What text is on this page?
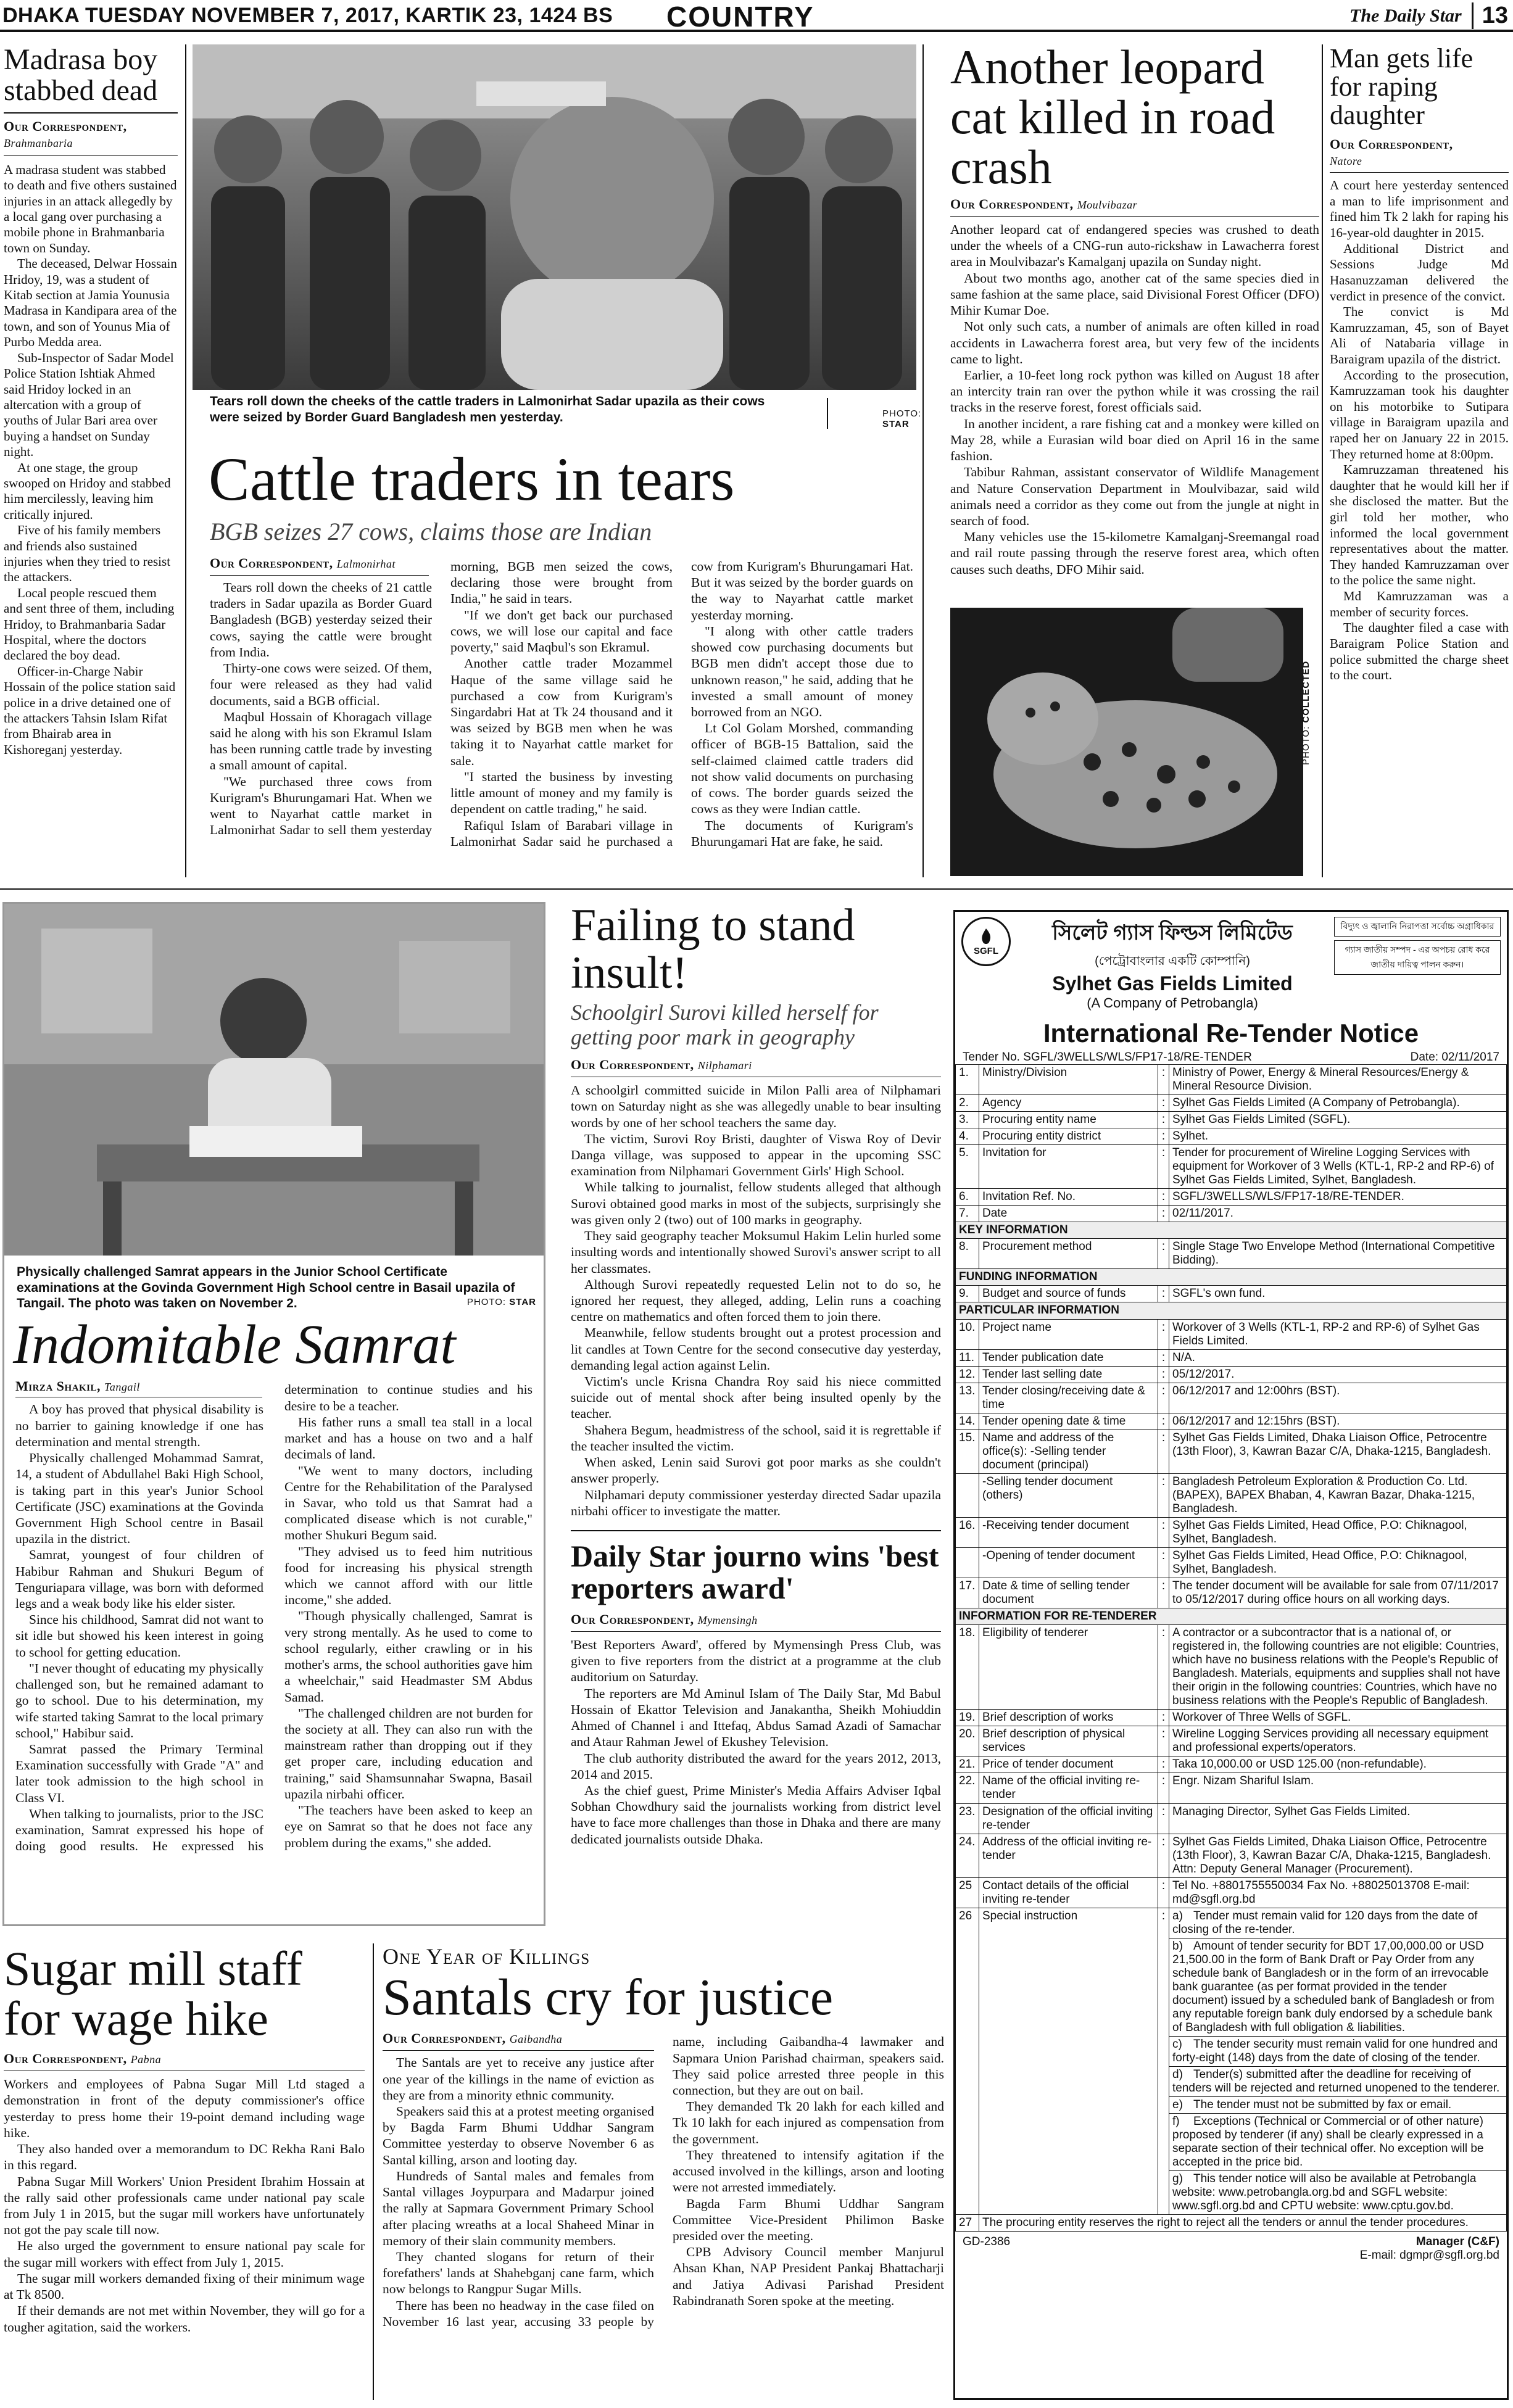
DHAKA TUESDAY NOVEMBER 7, 2017, KARTIK 23, 1424 BS COUNTRY	The Daily Star 13
Madrasa boy stabbed dead
Our Correspondent,
Brahmanbaria

A madrasa student was stabbed to death and five others sustained injuries in an attack allegedly by a local gang over purchasing a mobile phone in Brahmanbaria town on Sunday.

The deceased, Delwar Hossain Hridoy, 19, was a student of Kitab section at Jamia Younusia Madrasa in Kandipara area of the town, and son of Younus Mia of Purbo Medda area.

Sub-Inspector of Sadar Model Police Station Ishtiak Ahmed said Hridoy locked in an altercation with a group of youths of Jular Bari area over buying a handset on Sunday night.

At one stage, the group swooped on Hridoy and stabbed him mercilessly, leaving him critically injured.

Five of his family members and friends also sustained injuries when they tried to resist the attackers.

Local people rescued them and sent three of them, including Hridoy, to Brahmanbaria Sadar Hospital, where the doctors declared the boy dead.

Officer-in-Charge Nabir Hossain of the police station said police in a drive detained one of the attackers Tahsin Islam Rifat from Bhairab area in Kishoreganj yesterday.

Tears roll down the cheeks of the cattle traders in Lalmonirhat Sadar upazila as their cows were seized by Border Guard Bangladesh men yesterday.	PHOTO:
STAR
Cattle traders in tears
BGB seizes 27 cows, claims those are Indian
Our Correspondent, Lalmonirhat

Tears roll down the cheeks of 21 cattle traders in Sadar upazila as Border Guard Bangladesh (BGB) yesterday seized their cows, saying the cattle were brought from India.

Thirty-one cows were seized. Of them, four were released as they had valid documents, said a BGB official.

Maqbul Hossain of Khoragach village said he along with his son Ekramul Islam has been running cattle trade by investing a small amount of capital.

"We purchased three cows from Kurigram's Bhurungamari Hat. When we went to Nayarhat cattle market in Lalmonirhat Sadar to sell them yesterday morning, BGB men seized the cows, declaring those were brought from India," he said in tears.

"If we don't get back our purchased cows, we will lose our capital and face poverty," said Maqbul's son Ekramul.

Another cattle trader Mozammel Haque of the same village said he purchased a cow from Kurigram's Singardabri Hat at Tk 24 thousand and it was seized by BGB men when he was taking it to Nayarhat cattle market for sale.

"I started the business by investing little amount of money and my family is dependent on cattle trading," he said.

Rafiqul Islam of Barabari village in Lalmonirhat Sadar said he purchased a cow from Kurigram's Bhurungamari Hat. But it was seized by the border guards on the way to Nayarhat cattle market yesterday morning.

"I along with other cattle traders showed cow purchasing documents but BGB men didn't accept those due to unknown reason," he said, adding that he invested a small amount of money borrowed from an NGO.

Lt Col Golam Morshed, commanding officer of BGB-15 Battalion, said the self-claimed claimed cattle traders did not show valid documents on purchasing of cows. The border guards seized the cows as they were Indian cattle.

The documents of Kurigram's Bhurungamari Hat are fake, he said.

Another leopard cat killed in road crash
Our Correspondent, Moulvibazar

Another leopard cat of endangered species was crushed to death under the wheels of a CNG-run auto-rickshaw in Lawacherra forest area in Moulvibazar's Kamalganj upazila on Sunday night.

About two months ago, another cat of the same species died in same fashion at the same place, said Divisional Forest Officer (DFO) Mihir Kumar Doe.

Not only such cats, a number of animals are often killed in road accidents in Lawacherra forest area, but very few of the incidents came to light.

Earlier, a 10-feet long rock python was killed on August 18 after an intercity train ran over the python while it was crossing the rail tracks in the reserve forest, forest officials said.

In another incident, a rare fishing cat and a monkey were killed on May 28, while a Eurasian wild boar died on April 16 in the same fashion.

Tabibur Rahman, assistant conservator of Wildlife Management and Nature Conservation Department in Moulvibazar, said wild animals need a corridor as they come out from the jungle at night in search of food.

Many vehicles use the 15-kilometre Kamalganj-Sreemangal road and rail route passing through the reserve forest area, which often causes such deaths, DFO Mihir said.

PHOTO: COLLECTED
Man gets life for raping daughter
Our Correspondent,
Natore

A court here yesterday sentenced a man to life imprisonment and fined him Tk 2 lakh for raping his 16-year-old daughter in 2015.

Additional District and Sessions Judge Md Hasanuzzaman delivered the verdict in presence of the convict.

The convict is Md Kamruzzaman, 45, son of Bayet Ali of Natabaria village in Baraigram upazila of the district.

According to the prosecution, Kamruzzaman took his daughter on his motorbike to Sutipara village in Baraigram upazila and raped her on January 22 in 2015. They returned home at 8:00pm.

Kamruzzaman threatened his daughter that he would kill her if she disclosed the matter. But the girl told her mother, who informed the local government representatives about the matter. They handed Kamruzzaman over to the police the same night.

Md Kamruzzaman was a member of security forces.

The daughter filed a case with Baraigram Police Station and police submitted the charge sheet to the court.

Physically challenged Samrat appears in the Junior School Certificate examinations at the Govinda Government High School centre in Basail upazila of Tangail. The photo was taken on November 2.	PHOTO: STAR
Indomitable Samrat
Mirza Shakil, Tangail

A boy has proved that physical disability is no barrier to gaining knowledge if one has determination and mental strength.

Physically challenged Mohammad Samrat, 14, a student of Abdullahel Baki High School, is taking part in this year's Junior School Certificate (JSC) examinations at the Govinda Government High School centre in Basail upazila in the district.

Samrat, youngest of four children of Habibur Rahman and Shukuri Begum of Tenguriapara village, was born with deformed legs and a weak body like his elder sister.

Since his childhood, Samrat did not want to sit idle but showed his keen interest in going to school for getting education.

"I never thought of educating my physically challenged son, but he remained adamant to go to school. Due to his determination, my wife started taking Samrat to the local primary school," Habibur said.

Samrat passed the Primary Terminal Examination successfully with Grade "A" and later took admission to the high school in Class VI.

When talking to journalists, prior to the JSC examination, Samrat expressed his hope of doing good results. He expressed his determination to continue studies and his desire to be a teacher.

His father runs a small tea stall in a local market and has a house on two and a half decimals of land.

"We went to many doctors, including Centre for the Rehabilitation of the Paralysed in Savar, who told us that Samrat had a complicated disease which is not curable," mother Shukuri Begum said.

"They advised us to feed him nutritious food for increasing his physical strength which we cannot afford with our little income," she added.

"Though physically challenged, Samrat is very strong mentally. As he used to come to school regularly, either crawling or in his mother's arms, the school authorities gave him a wheelchair," said Headmaster SM Abdus Samad.

"The challenged children are not burden for the society at all. They can also run with the mainstream rather than dropping out if they get proper care, including education and training," said Shamsunnahar Swapna, Basail upazila nirbahi officer.

"The teachers have been asked to keep an eye on Samrat so that he does not face any problem during the exams," she added.

Failing to stand insult!
Schoolgirl Surovi killed herself for getting poor mark in geography
Our Correspondent, Nilphamari

A schoolgirl committed suicide in Milon Palli area of Nilphamari town on Saturday night as she was allegedly unable to bear insulting words by one of her school teachers the same day.

The victim, Surovi Roy Bristi, daughter of Viswa Roy of Devir Danga village, was supposed to appear in the upcoming SSC examination from Nilphamari Government Girls' High School.

While talking to journalist, fellow students alleged that although Surovi obtained good marks in most of the subjects, surprisingly she was given only 2 (two) out of 100 marks in geography.

They said geography teacher Moksumul Hakim Lelin hurled some insulting words and intentionally showed Surovi's answer script to all her classmates.

Although Surovi repeatedly requested Lelin not to do so, he ignored her request, they alleged, adding, Lelin runs a coaching centre on mathematics and often forced them to join there.

Meanwhile, fellow students brought out a protest procession and lit candles at Town Centre for the second consecutive day yesterday, demanding legal action against Lelin.

Victim's uncle Krisna Chandra Roy said his niece committed suicide out of mental shock after being insulted openly by the teacher.

Shahera Begum, headmistress of the school, said it is regrettable if the teacher insulted the victim.

When asked, Lenin said Surovi got poor marks as she couldn't answer properly.

Nilphamari deputy commissioner yesterday directed Sadar upazila nirbahi officer to investigate the matter.

Daily Star journo wins 'best reporters award'
Our Correspondent, Mymensingh

'Best Reporters Award', offered by Mymensingh Press Club, was given to five reporters from the district at a programme at the club auditorium on Saturday.

The reporters are Md Aminul Islam of The Daily Star, Md Babul Hossain of Ekattor Television and Janakantha, Sheikh Mohiuddin Ahmed of Channel i and Ittefaq, Abdus Samad Azadi of Samachar and Ataur Rahman Jewel of Ekushey Television.

The club authority distributed the award for the years 2012, 2013, 2014 and 2015.

As the chief guest, Prime Minister's Media Affairs Adviser Iqbal Sobhan Chowdhury said the journalists working from district level have to face more challenges than those in Dhaka and there are many dedicated journalists outside Dhaka.

Sugar mill staff for wage hike
Our Correspondent, Pabna

Workers and employees of Pabna Sugar Mill Ltd staged a demonstration in front of the deputy commissioner's office yesterday to press home their 19-point demand including wage hike.

They also handed over a memorandum to DC Rekha Rani Balo in this regard.

Pabna Sugar Mill Workers' Union President Ibrahim Hossain at the rally said other professionals came under national pay scale from July 1 in 2015, but the sugar mill workers have unfortunately not got the pay scale till now.

He also urged the government to ensure national pay scale for the sugar mill workers with effect from July 1, 2015.

The sugar mill workers demanded fixing of their minimum wage at Tk 8500.

If their demands are not met within November, they will go for a tougher agitation, said the workers.

One Year of Killings
Santals cry for justice
Our Correspondent, Gaibandha

The Santals are yet to receive any justice after one year of the killings in the name of eviction as they are from a minority ethnic community.

Speakers said this at a protest meeting organised by Bagda Farm Bhumi Uddhar Sangram Committee yesterday to observe November 6 as Santal killing, arson and looting day.

Hundreds of Santal males and females from Santal villages Joypurpara and Madarpur joined the rally at Sapmara Government Primary School after placing wreaths at a local Shaheed Minar in memory of their slain community members.

They chanted slogans for return of their forefathers' lands at Shahebganj cane farm, which now belongs to Rangpur Sugar Mills.

There has been no headway in the case filed on November 16 last year, accusing 33 people by name, including Gaibandha-4 lawmaker and Sapmara Union Parishad chairman, speakers said. They said police arrested three people in this connection, but they are out on bail.

They demanded Tk 20 lakh for each killed and Tk 10 lakh for each injured as compensation from the government.

They threatened to intensify agitation if the accused involved in the killings, arson and looting were not arrested immediately.

Bagda Farm Bhumi Uddhar Sangram Committee Vice-President Philimon Baske presided over the meeting.

CPB Advisory Council member Manjurul Ahsan Khan, NAP President Pankaj Bhattacharji and Jatiya Adivasi Parishad President Rabindranath Soren spoke at the meeting.

SGFL
সিলেট গ্যাস ফিল্ডস লিমিটেড
(পেট্রোবাংলার একটি কোম্পানি)
Sylhet Gas Fields Limited
(A Company of Petrobangla)
বিদ্যুৎ ও জ্বালানি নিরাপত্তা সর্বোচ্চ অগ্রাধিকার
গ্যাস জাতীয় সম্পদ - এর অপচয় রোধ করে জাতীয় দায়িত্ব পালন করুন।
International Re-Tender Notice
Tender No. SGFL/3WELLS/WLS/FP17-18/RE-TENDER	Date: 02/11/2017
1.	Ministry/Division	:	Ministry of Power, Energy & Mineral Resources/Energy & Mineral Resource Division.
2.	Agency	:	Sylhet Gas Fields Limited (A Company of Petrobangla).
3.	Procuring entity name	:	Sylhet Gas Fields Limited (SGFL).
4.	Procuring entity district	:	Sylhet.
5.	Invitation for	:	Tender for procurement of Wireline Logging Services with equipment for Workover of 3 Wells (KTL-1, RP-2 and RP-6) of Sylhet Gas Fields Limited, Sylhet, Bangladesh.
6.	Invitation Ref. No.	:	SGFL/3WELLS/WLS/FP17-18/RE-TENDER.
7.	Date	:	02/11/2017.
KEY INFORMATION			
8.	Procurement method	:	Single Stage Two Envelope Method (International Competitive Bidding).
FUNDING INFORMATION			
9.	Budget and source of funds	:	SGFL's own fund.
PARTICULAR INFORMATION			
10.	Project name	:	Workover of 3 Wells (KTL-1, RP-2 and RP-6) of Sylhet Gas Fields Limited.
11.	Tender publication date	:	N/A.
12.	Tender last selling date	:	05/12/2017.
13.	Tender closing/receiving date & time	:	06/12/2017 and 12:00hrs (BST).
14.	Tender opening date & time	:	06/12/2017 and 12:15hrs (BST).
15.	Name and address of the office(s): -Selling tender document (principal)	:	Sylhet Gas Fields Limited, Dhaka Liaison Office, Petrocentre (13th Floor), 3, Kawran Bazar C/A, Dhaka-1215, Bangladesh.
	-Selling tender document (others)	:	Bangladesh Petroleum Exploration & Production Co. Ltd. (BAPEX), BAPEX Bhaban, 4, Kawran Bazar, Dhaka-1215, Bangladesh.
16.	-Receiving tender document	:	Sylhet Gas Fields Limited, Head Office, P.O: Chiknagool, Sylhet, Bangladesh.
	-Opening of tender document	:	Sylhet Gas Fields Limited, Head Office, P.O: Chiknagool, Sylhet, Bangladesh.
17.	Date & time of selling tender document	:	The tender document will be available for sale from 07/11/2017 to 05/12/2017 during office hours on all working days.
INFORMATION FOR RE-TENDERER			
18.	Eligibility of tenderer	:	A contractor or a subcontractor that is a national of, or registered in, the following countries are not eligible: Countries, which have no business relations with the People's Republic of Bangladesh. Materials, equipments and supplies shall not have their origin in the following countries: Countries, which have no business relations with the People's Republic of Bangladesh.
19.	Brief description of works	:	Workover of Three Wells of SGFL.
20.	Brief description of physical services	:	Wireline Logging Services providing all necessary equipment and professional experts/operators.
21.	Price of tender document	:	Taka 10,000.00 or USD 125.00 (non-refundable).
22.	Name of the official inviting re-tender	:	Engr. Nizam Shariful Islam.
23.	Designation of the official inviting re-tender	:	Managing Director, Sylhet Gas Fields Limited.
24.	Address of the official inviting re-tender	:	Sylhet Gas Fields Limited, Dhaka Liaison Office, Petrocentre (13th Floor), 3, Kawran Bazar C/A, Dhaka-1215, Bangladesh. Attn: Deputy General Manager (Procurement).
25	Contact details of the official inviting re-tender	:	Tel No. +8801755550034 Fax No. +88025013708 E-mail: md@sgfl.org.bd
26	Special instruction	:	a) Tender must remain valid for 120 days from the date of closing of the re-tender.
			b) Amount of tender security for BDT 17,00,000.00 or USD 21,500.00 in the form of Bank Draft or Pay Order from any schedule bank of Bangladesh or in the form of an irrevocable bank guarantee (as per format provided in the tender document) issued by a scheduled bank of Bangladesh or from any reputable foreign bank duly endorsed by a schedule bank of Bangladesh with full obligation & liabilities.
			c) The tender security must remain valid for one hundred and forty-eight (148) days from the date of closing of the tender.
			d) Tender(s) submitted after the deadline for receiving of tenders will be rejected and returned unopened to the tenderer.
			e) The tender must not be submitted by fax or email.
			f) Exceptions (Technical or Commercial or of other nature) proposed by tenderer (if any) shall be clearly expressed in a separate section of their technical offer. No exception will be accepted in the price bid.
			g) This tender notice will also be available at Petrobangla website: www.petrobangla.org.bd and SGFL website: www.sgfl.org.bd and CPTU website: www.cptu.gov.bd.
27	The procuring entity reserves the right to reject all the tenders or annul the tender procedures.		
GD-2386	Manager (C&F)
E-mail: dgmpr@sgfl.org.bd
